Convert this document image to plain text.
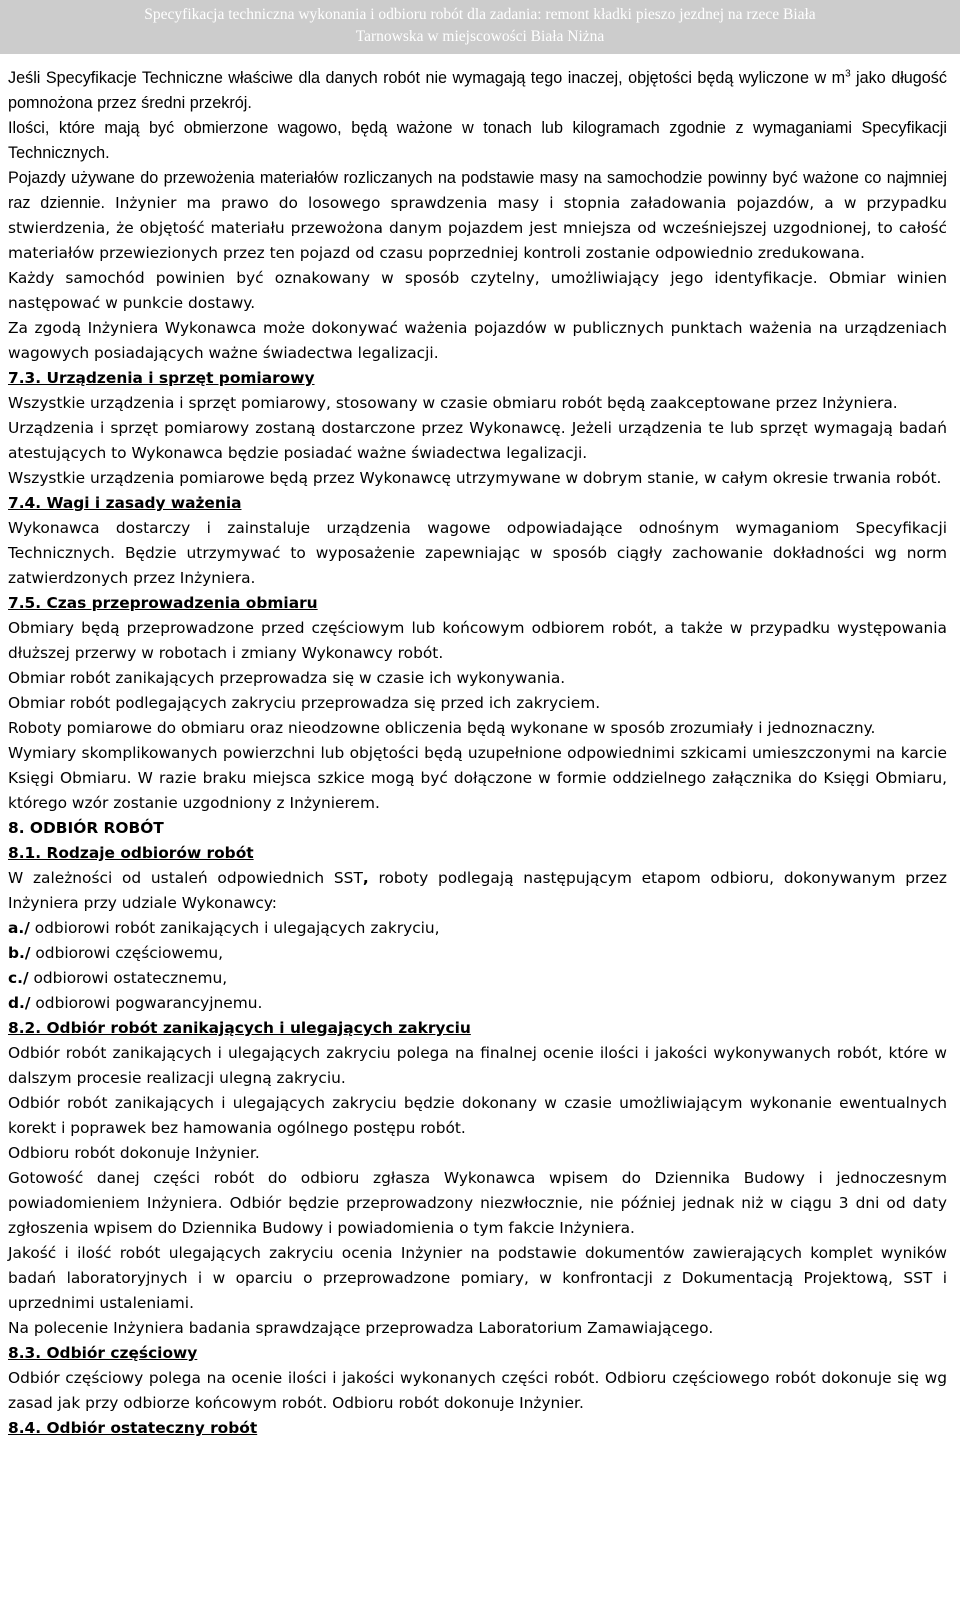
Specyfikacja techniczna wykonania i odbioru robót dla zadania: remont kładki pieszo jezdnej na rzece Biała
Tarnowska w miejscowości Biała Niżna

Jeśli Specyfikacje Techniczne właściwe dla danych robót nie wymagają tego inaczej, objętości będą wyliczone w $m^3$ jako długość pomnożona przez średni przekrój.

Ilości, które mają być obmierzone wagowo, będą ważone w tonach lub kilogramach zgodnie z wymaganiami Specyfikacji Technicznych.

Pojazdy używane do przewożenia materiałów rozliczanych na podstawie masy na samochodzie powinny być ważone co najmniej raz dziennie. Inżynier ma prawo do losowego sprawdzenia masy i stopnia załadowania pojazdów, a w przypadku stwierdzenia, że objętość materiału przewożona danym pojazdem jest mniejsza od wcześniejszej uzgodnionej, to całość materiałów przewiezionych przez ten pojazd od czasu poprzedniej kontroli zostanie odpowiednio zredukowana.

Każdy samochód powinien być oznakowany w sposób czytelny, umożliwiający jego identyfikacje. Obmiar winien następować w punkcie dostawy.

Za zgodą Inżyniera Wykonawca może dokonywać ważenia pojazdów w publicznych punktach ważenia na urządzeniach wagowych posiadających ważne świadectwa legalizacji.

7.3. Urządzenia i sprzęt pomiarowy

Wszystkie urządzenia i sprzęt pomiarowy, stosowany w czasie obmiaru robót będą zaakceptowane przez Inżyniera.

Urządzenia i sprzęt pomiarowy zostaną dostarczone przez Wykonawcę. Jeżeli urządzenia te lub sprzęt wymagają badań atestujących to Wykonawca będzie posiadać ważne świadectwa legalizacji.

Wszystkie urządzenia pomiarowe będą przez Wykonawcę utrzymywane w dobrym stanie, w całym okresie trwania robót.

7.4. Wagi i zasady ważenia

Wykonawca dostarczy i zainstaluje urządzenia wagowe odpowiadające odnośnym wymaganiom Specyfikacji Technicznych. Będzie utrzymywać to wyposażenie zapewniając w sposób ciągły zachowanie dokładności wg norm zatwierdzonych przez Inżyniera.

7.5. Czas przeprowadzenia obmiaru

Obmiary będą przeprowadzone przed częściowym lub końcowym odbiorem robót, a także w przypadku występowania dłuższej przerwy w robotach i zmiany Wykonawcy robót.

Obmiar robót zanikających przeprowadza się w czasie ich wykonywania.

Obmiar robót podlegających zakryciu przeprowadza się przed ich zakryciem.

Roboty pomiarowe do obmiaru oraz nieodzowne obliczenia będą wykonane w sposób zrozumiały i jednoznaczny.

Wymiary skomplikowanych powierzchni lub objętości będą uzupełnione odpowiednimi szkicami umieszczonymi na karcie Księgi Obmiaru. W razie braku miejsca szkice mogą być dołączone w formie oddzielnego załącznika do Księgi Obmiaru, którego wzór zostanie uzgodniony z Inżynierem.

8. ODBIÓR ROBÓT

8.1. Rodzaje odbiorów robót

W zależności od ustaleń odpowiednich SST, roboty podlegają następującym etapom odbioru, dokonywanym przez Inżyniera przy udziale Wykonawcy:

a./ odbiorowi robót zanikających i ulegających zakryciu,

b./ odbiorowi częściowemu,

c./ odbiorowi ostatecznemu,

d./ odbiorowi pogwarancyjnemu.

8.2. Odbiór robót zanikających i ulegających zakryciu

Odbiór robót zanikających i ulegających zakryciu polega na finalnej ocenie ilości i jakości wykonywanych robót, które w dalszym procesie realizacji ulegną zakryciu.

Odbiór robót zanikających i ulegających zakryciu będzie dokonany w czasie umożliwiającym wykonanie ewentualnych korekt i poprawek bez hamowania ogólnego postępu robót.

Odbioru robót dokonuje Inżynier.

Gotowość danej części robót do odbioru zgłasza Wykonawca wpisem do Dziennika Budowy i jednoczesnym powiadomieniem Inżyniera. Odbiór będzie przeprowadzony niezwłocznie, nie później jednak niż w ciągu 3 dni od daty zgłoszenia wpisem do Dziennika Budowy i powiadomienia o tym fakcie Inżyniera.

Jakość i ilość robót ulegających zakryciu ocenia Inżynier na podstawie dokumentów zawierających komplet wyników badań laboratoryjnych i w oparciu o przeprowadzone pomiary, w konfrontacji z Dokumentacją Projektową, SST i uprzednimi ustaleniami.

Na polecenie Inżyniera badania sprawdzające przeprowadza Laboratorium Zamawiającego.

8.3. Odbiór częściowy

Odbiór częściowy polega na ocenie ilości i jakości wykonanych części robót. Odbioru częściowego robót dokonuje się wg zasad jak przy odbiorze końcowym robót. Odbioru robót dokonuje Inżynier.

8.4. Odbiór ostateczny robót
